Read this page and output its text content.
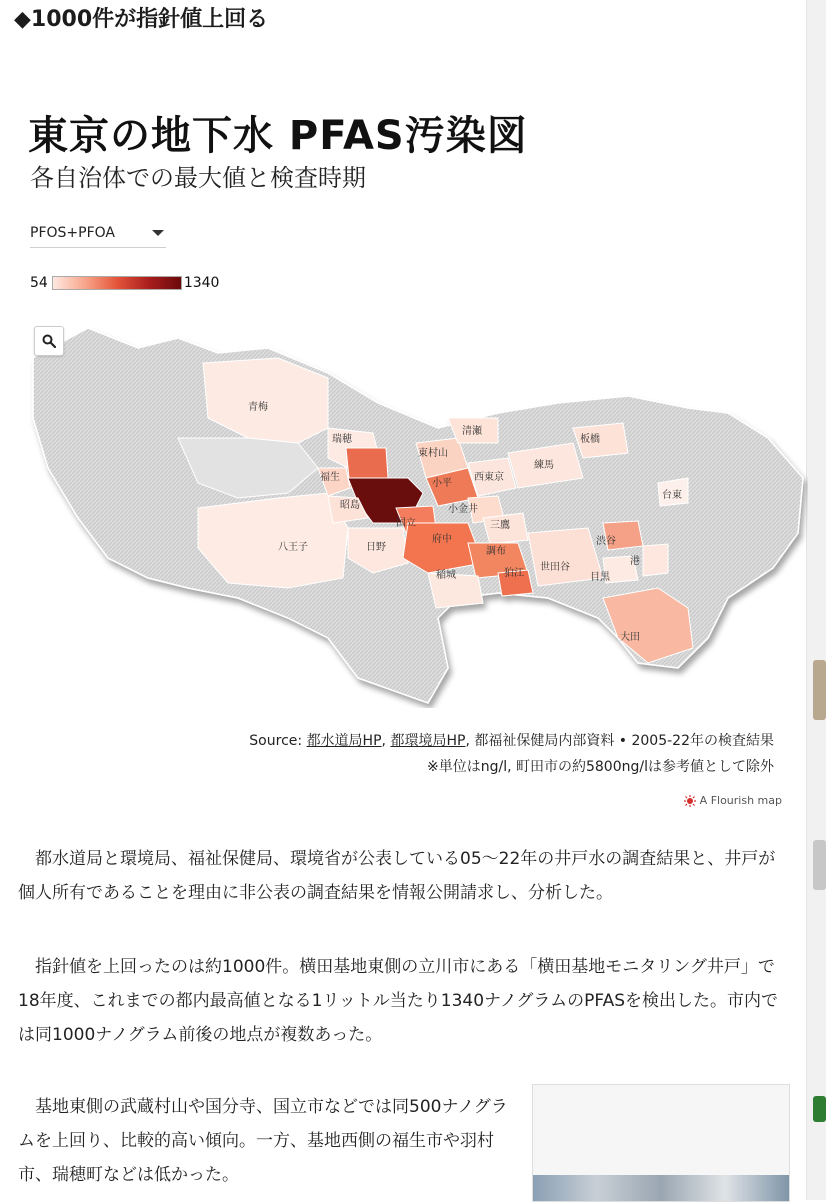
◆1000件が指針値上回る
東京の地下水 PFAS汚染図
各自治体での最大値と検査時期
PFOS+PFOA
54	1340
青梅
瑞穂
福生
昭島
東村山
清瀬
小平
西東京
小金井
国立
府中
日野
八王子
稲城
調布
三鷹
狛江
世田谷
練馬
板橋
台東
渋谷
目黒
港
大田
Source: 都水道局HP, 都環境局HP, 都福祉保健局内部資料 • 2005-22年の検査結果
※単位はng/l, 町田市の約5800ng/lは参考値として除外
A Flourish map

都水道局と環境局、福祉保健局、環境省が公表している05〜22年の井戸水の調査結果と、井戸が個人所有であることを理由に非公表の調査結果を情報公開請求し、分析した。

指針値を上回ったのは約1000件。横田基地東側の立川市にある「横田基地モニタリング井戸」で18年度、これまでの都内最高値となる1リットル当たり1340ナノグラムのPFASを検出した。市内では同1000ナノグラム前後の地点が複数あった。

基地東側の武蔵村山や国分寺、国立市などでは同500ナノグラムを上回り、比較的高い傾向。一方、基地西側の福生市や羽村市、瑞穂町などは低かった。
